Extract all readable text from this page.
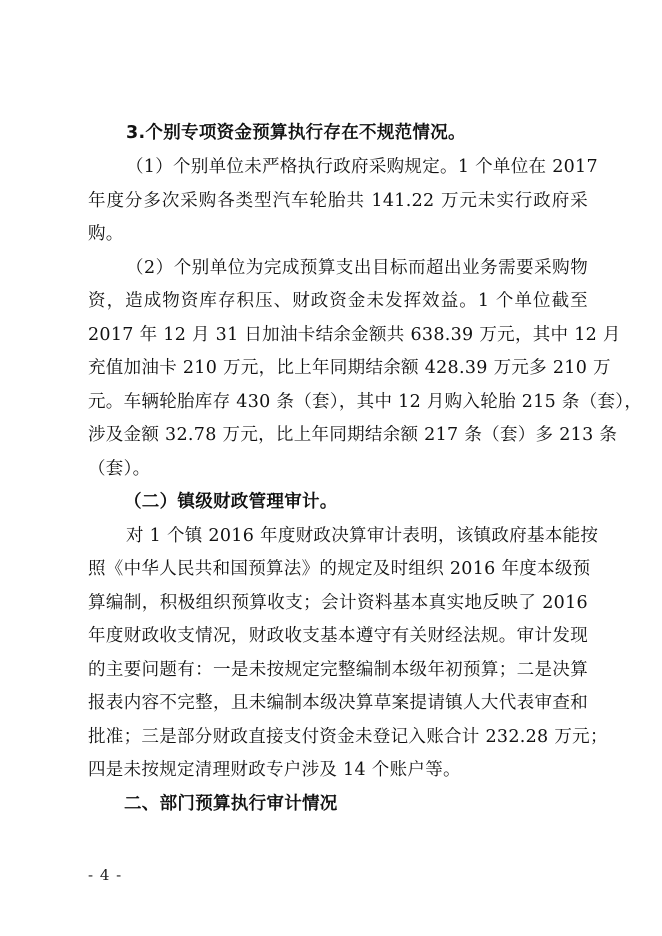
3.个别专项资金预算执行存在不规范情况。
（1）个别单位未严格执行政府采购规定。1 个单位在 2017
年度分多次采购各类型汽车轮胎共 141.22 万元未实行政府采
购。
（2）个别单位为完成预算支出目标而超出业务需要采购物
资，造成物资库存积压、财政资金未发挥效益。1 个单位截至
2017 年 12 月 31 日加油卡结余金额共 638.39 万元，其中 12 月
充值加油卡 210 万元，比上年同期结余额 428.39 万元多 210 万
元。车辆轮胎库存 430 条（套），其中 12 月购入轮胎 215 条（套），
涉及金额 32.78 万元，比上年同期结余额 217 条（套）多 213 条
（套）。
（二）镇级财政管理审计。
对 1 个镇 2016 年度财政决算审计表明，该镇政府基本能按
照《中华人民共和国预算法》的规定及时组织 2016 年度本级预
算编制，积极组织预算收支；会计资料基本真实地反映了 2016
年度财政收支情况，财政收支基本遵守有关财经法规。审计发现
的主要问题有：一是未按规定完整编制本级年初预算；二是决算
报表内容不完整，且未编制本级决算草案提请镇人大代表审查和
批准；三是部分财政直接支付资金未登记入账合计 232.28 万元；
四是未按规定清理财政专户涉及 14 个账户等。
二、部门预算执行审计情况
- 4 -
